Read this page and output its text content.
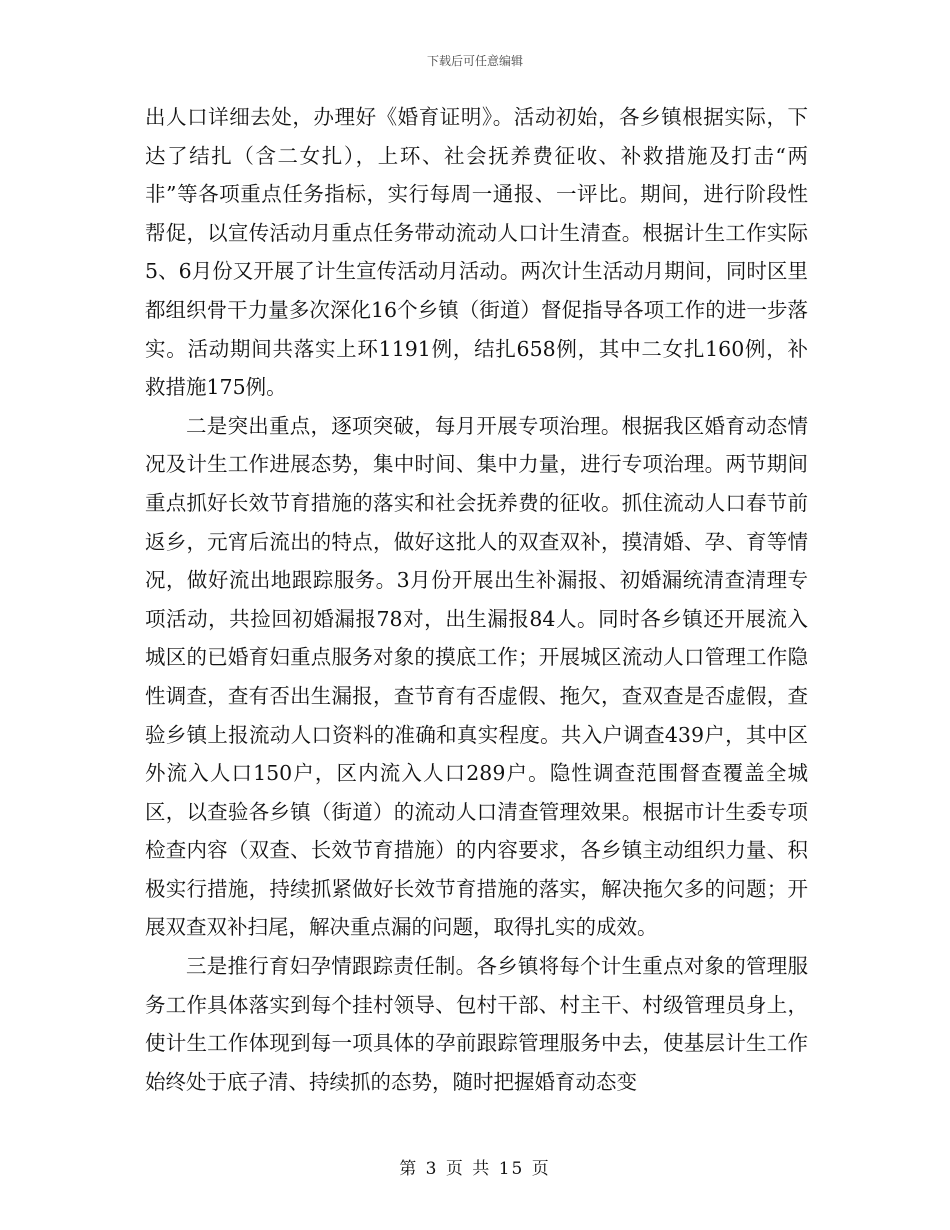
下载后可任意编辑

出人口详细去处，办理好《婚育证明》。活动初始，各乡镇根据实际，下达了结扎（含二女扎），上环、社会抚养费征收、补救措施及打击“两非”等各项重点任务指标，实行每周一通报、一评比。期间，进行阶段性帮促，以宣传活动月重点任务带动流动人口计生清查。根据计生工作实际5、6月份又开展了计生宣传活动月活动。两次计生活动月期间，同时区里都组织骨干力量多次深化16个乡镇（街道）督促指导各项工作的进一步落实。活动期间共落实上环1191例，结扎658例，其中二女扎160例，补救措施175例。

二是突出重点，逐项突破，每月开展专项治理。根据我区婚育动态情况及计生工作进展态势，集中时间、集中力量，进行专项治理。两节期间重点抓好长效节育措施的落实和社会抚养费的征收。抓住流动人口春节前返乡，元宵后流出的特点，做好这批人的双查双补，摸清婚、孕、育等情况，做好流出地跟踪服务。3月份开展出生补漏报、初婚漏统清查清理专项活动，共捡回初婚漏报78对，出生漏报84人。同时各乡镇还开展流入城区的已婚育妇重点服务对象的摸底工作；开展城区流动人口管理工作隐性调查，查有否出生漏报，查节育有否虚假、拖欠，查双查是否虚假，查验乡镇上报流动人口资料的准确和真实程度。共入户调查439户，其中区外流入人口150户，区内流入人口289户。隐性调查范围督查覆盖全城区，以查验各乡镇（街道）的流动人口清查管理效果。根据市计生委专项检查内容（双查、长效节育措施）的内容要求，各乡镇主动组织力量、积极实行措施，持续抓紧做好长效节育措施的落实，解决拖欠多的问题；开展双查双补扫尾，解决重点漏的问题，取得扎实的成效。

三是推行育妇孕情跟踪责任制。各乡镇将每个计生重点对象的管理服务工作具体落实到每个挂村领导、包村干部、村主干、村级管理员身上，使计生工作体现到每一项具体的孕前跟踪管理服务中去，使基层计生工作始终处于底子清、持续抓的态势，随时把握婚育动态变

第 3 页 共 15 页
